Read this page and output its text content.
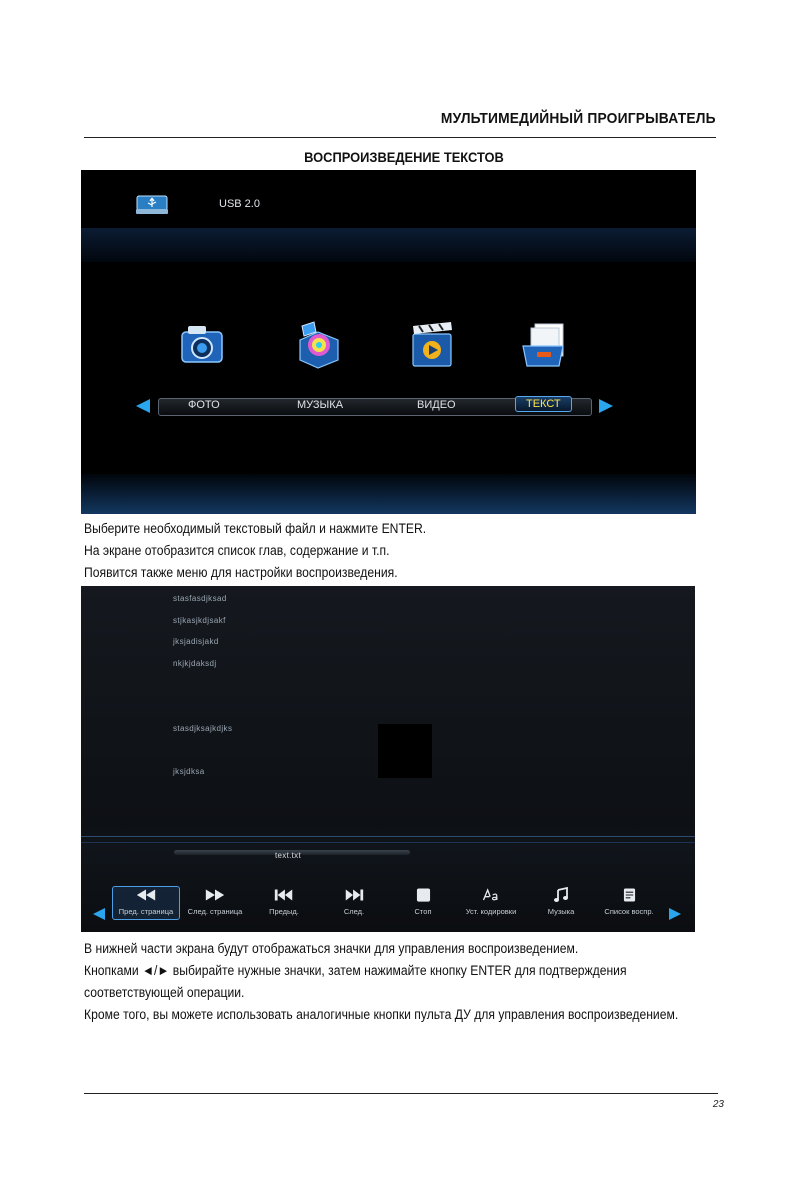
МУЛЬТИМЕДИЙНЫЙ ПРОИГРЫВАТЕЛЬ
ВОСПРОИЗВЕДЕНИЕ ТЕКСТОВ
USB 2.0
ФОТО	МУЗЫКА	ВИДЕО	ТЕКСТ
Выберите необходимый текстовый файл и нажмите ENTER.
На экране отобразится список глав, содержание и т.п.
Появится также меню для настройки воспроизведения.
stasfasdjksad
stjkasjkdjsakf
jksjadisjakd
nkjkjdaksdj
stasdjksajkdjks
jksjdksa
text.txt
Пред. страница	След. страница	Предыд.	След.	Стоп	Уст. кодировки	Музыка	Список воспр.
В нижней части экрана будут отображаться значки для управления воспроизведением.
Кнопками ◄/► выбирайте нужные значки, затем нажимайте кнопку ENTER для подтверждения
соответствующей операции.
Кроме того, вы можете использовать аналогичные кнопки пульта ДУ для управления воспроизведением.
23
